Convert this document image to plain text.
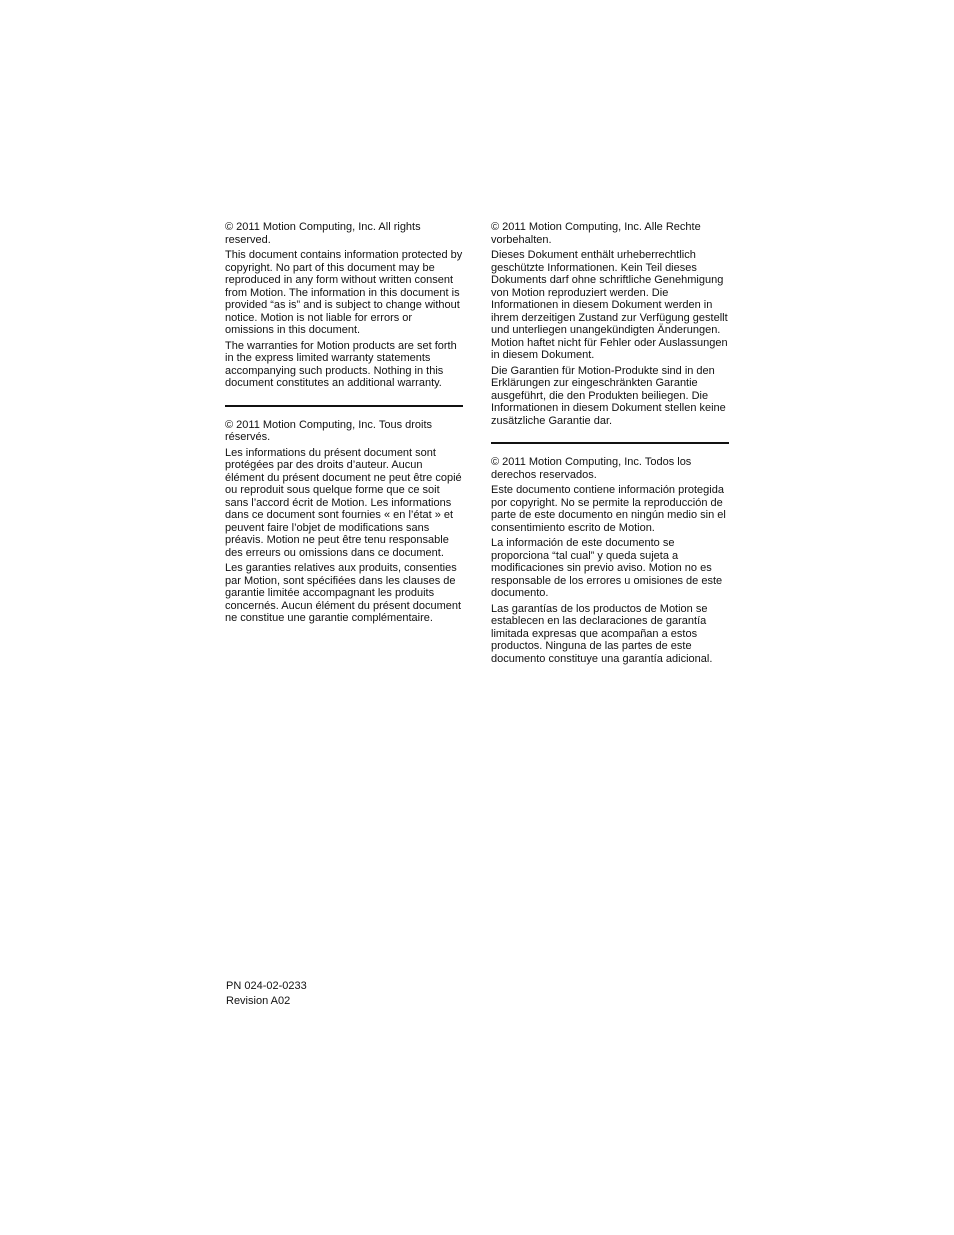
© 2011 Motion Computing, Inc. All rights reserved.

This document contains information protected by copyright. No part of this document may be reproduced in any form without written consent from Motion. The information in this document is provided “as is” and is subject to change without notice. Motion is not liable for errors or omissions in this document.

The warranties for Motion products are set forth in the express limited warranty statements accompanying such products. Nothing in this document constitutes an additional warranty.

© 2011 Motion Computing, Inc. Tous droits réservés.

Les informations du présent document sont protégées par des droits d’auteur. Aucun élément du présent document ne peut être copié ou reproduit sous quelque forme que ce soit sans l’accord écrit de Motion. Les informations dans ce document sont fournies « en l’état » et peuvent faire l’objet de modifications sans préavis. Motion ne peut être tenu responsable des erreurs ou omissions dans ce document.

Les garanties relatives aux produits, consenties par Motion, sont spécifiées dans les clauses de garantie limitée accompagnant les produits concernés. Aucun élément du présent document ne constitue une garantie complémentaire.

© 2011 Motion Computing, Inc. Alle Rechte vorbehalten.

Dieses Dokument enthält urheberrechtlich geschützte Informationen. Kein Teil dieses Dokuments darf ohne schriftliche Genehmigung von Motion reproduziert werden. Die Informationen in diesem Dokument werden in ihrem derzeitigen Zustand zur Verfügung gestellt und unterliegen unangekündigten Änderungen. Motion haftet nicht für Fehler oder Auslassungen in diesem Dokument.

Die Garantien für Motion-Produkte sind in den Erklärungen zur eingeschränkten Garantie ausgeführt, die den Produkten beiliegen. Die Informationen in diesem Dokument stellen keine zusätzliche Garantie dar.

© 2011 Motion Computing, Inc. Todos los derechos reservados.

Este documento contiene información protegida por copyright. No se permite la reproducción de parte de este documento en ningún medio sin el consentimiento escrito de Motion.

La información de este documento se proporciona “tal cual” y queda sujeta a modificaciones sin previo aviso. Motion no es responsable de los errores u omisiones de este documento.

Las garantías de los productos de Motion se establecen en las declaraciones de garantía limitada expresas que acompañan a estos productos. Ninguna de las partes de este documento constituye una garantía adicional.

PN 024-02-0233
Revision A02
